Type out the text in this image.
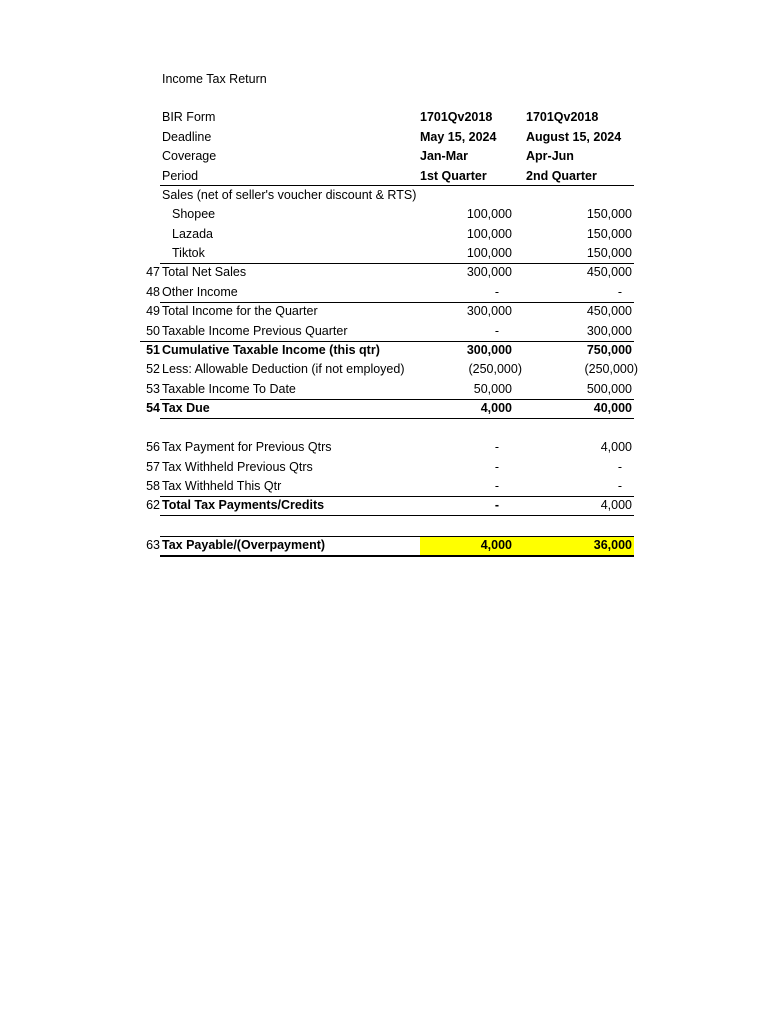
Income Tax Return
BIR Form	1701Qv2018	1701Qv2018
Deadline	May 15, 2024	August 15, 2024
Coverage	Jan-Mar	Apr-Jun
Period	1st Quarter	2nd Quarter
Sales (net of seller's voucher discount & RTS)
Shopee	100,000	150,000
Lazada	100,000	150,000
Tiktok	100,000	150,000
47 Total Net Sales	300,000	450,000
48 Other Income	-	-
49 Total Income for the Quarter	300,000	450,000
50 Taxable Income Previous Quarter	-	300,000
51 Cumulative Taxable Income (this qtr)	300,000	750,000
52 Less: Allowable Deduction (if not employed)	(250,000)	(250,000)
53 Taxable Income To Date	50,000	500,000
54 Tax Due	4,000	40,000
56 Tax Payment for Previous Qtrs	-	4,000
57 Tax Withheld Previous Qtrs	-	-
58 Tax Withheld This Qtr	-	-
62 Total Tax Payments/Credits	-	4,000
63 Tax Payable/(Overpayment)	4,000	36,000
